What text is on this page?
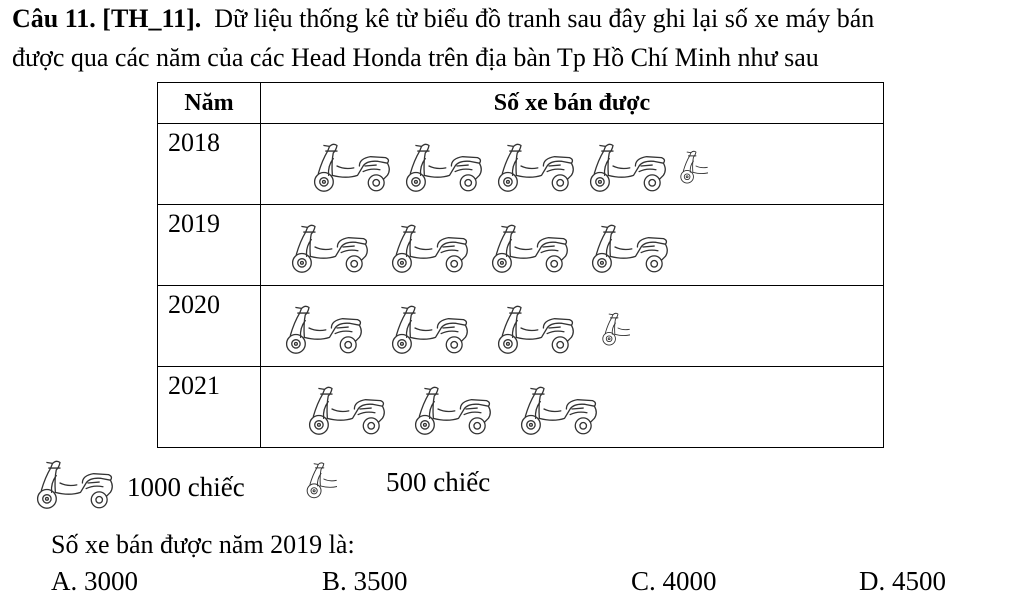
Câu 11. [TH_11]. Dữ liệu thống kê từ biểu đồ tranh sau đây ghi lại số xe máy bán
được qua các năm của các Head Honda trên địa bàn Tp Hồ Chí Minh như sau
Năm	Số xe bán được
2018	

2019	

2020	

2021	
1000 chiếc	500 chiếc
Số xe bán được năm 2019 là:
A. 3000	B. 3500	C. 4000	D. 4500
